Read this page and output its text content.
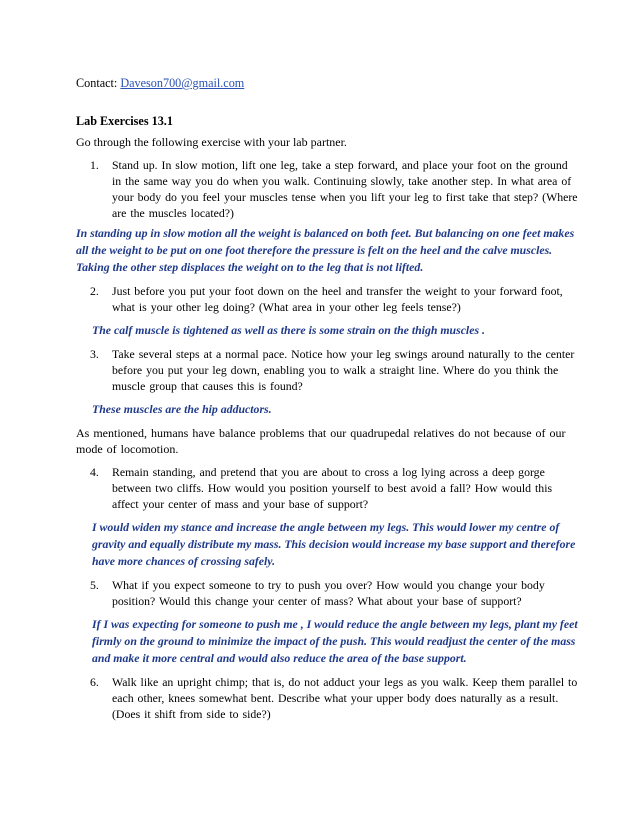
Contact: Daveson700@gmail.com

Lab Exercises 13.1

Go through the following exercise with your lab partner.

1. Stand up. In slow motion, lift one leg, take a step forward, and place your foot on the ground in the same way you do when you walk. Continuing slowly, take another step. In what area of your body do you feel your muscles tense when you lift your leg to first take that step? (Where are the muscles located?)

In standing up in slow motion all the weight is balanced on both feet. But balancing on one feet makes all the weight to be put on one foot therefore the pressure is felt on the heel and the calve muscles. Taking the other step displaces the weight on to the leg that is not lifted.

2. Just before you put your foot down on the heel and transfer the weight to your forward foot, what is your other leg doing? (What area in your other leg feels tense?)

The calf muscle is tightened as well as there is some strain on the thigh muscles .

3. Take several steps at a normal pace. Notice how your leg swings around naturally to the center before you put your leg down, enabling you to walk a straight line. Where do you think the muscle group that causes this is found?

These muscles are the hip adductors.

As mentioned, humans have balance problems that our quadrupedal relatives do not because of our mode of locomotion.

4. Remain standing, and pretend that you are about to cross a log lying across a deep gorge between two cliffs. How would you position yourself to best avoid a fall? How would this affect your center of mass and your base of support?

I would widen my stance and increase the angle between my legs. This would lower my centre of gravity and equally distribute my mass. This decision would increase my base support and therefore have more chances of crossing safely.

5. What if you expect someone to try to push you over? How would you change your body position? Would this change your center of mass? What about your base of support?

If I was expecting for someone to push me , I would reduce the angle between my legs, plant my feet firmly on the ground to minimize the impact of the push. This would readjust the center of the mass and make it more central and would also reduce the area of the base support.

6. Walk like an upright chimp; that is, do not adduct your legs as you walk. Keep them parallel to each other, knees somewhat bent. Describe what your upper body does naturally as a result. (Does it shift from side to side?)
